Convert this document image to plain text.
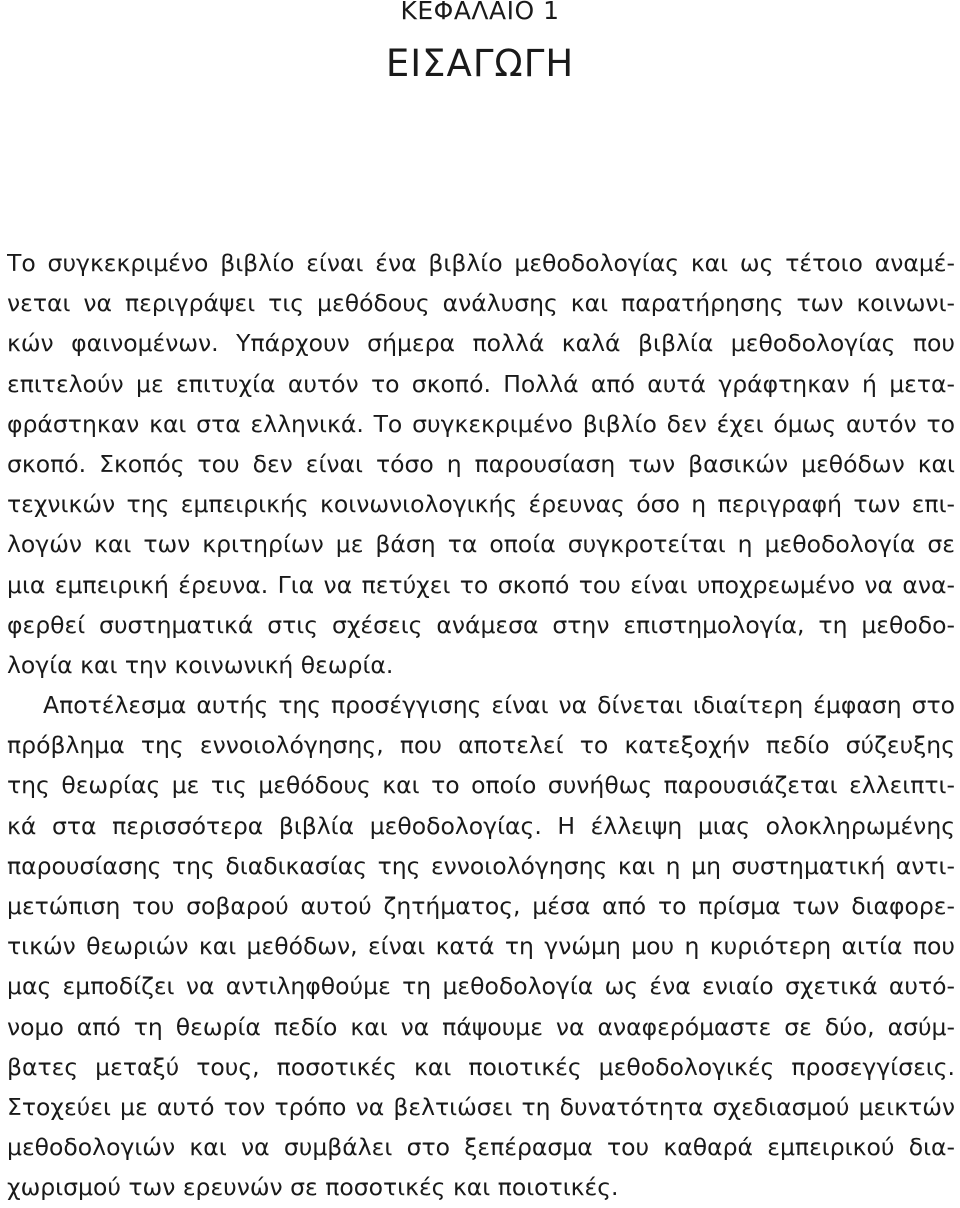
ΚΕΦΑΛΑΙΟ 1
ΕΙΣΑΓΩΓΗ
Το συγκεκριμένο βιβλίο είναι ένα βιβλίο μεθοδολογίας και ως τέτοιο αναμέ-
νεται να περιγράψει τις μεθόδους ανάλυσης και παρατήρησης των κοινωνι-
κών φαινομένων. Υπάρχουν σήμερα πολλά καλά βιβλία μεθοδολογίας που
επιτελούν με επιτυχία αυτόν το σκοπό. Πολλά από αυτά γράφτηκαν ή μετα-
φράστηκαν και στα ελληνικά. Το συγκεκριμένο βιβλίο δεν έχει όμως αυτόν το
σκοπό. Σκοπός του δεν είναι τόσο η παρουσίαση των βασικών μεθόδων και
τεχνικών της εμπειρικής κοινωνιολογικής έρευνας όσο η περιγραφή των επι-
λογών και των κριτηρίων με βάση τα οποία συγκροτείται η μεθοδολογία σε
μια εμπειρική έρευνα. Για να πετύχει το σκοπό του είναι υποχρεωμένο να ανα-
φερθεί συστηματικά στις σχέσεις ανάμεσα στην επιστημολογία, τη μεθοδο-
λογία και την κοινωνική θεωρία.
Αποτέλεσμα αυτής της προσέγγισης είναι να δίνεται ιδιαίτερη έμφαση στο
πρόβλημα της εννοιολόγησης, που αποτελεί το κατεξοχήν πεδίο σύζευξης
της θεωρίας με τις μεθόδους και το οποίο συνήθως παρουσιάζεται ελλειπτι-
κά στα περισσότερα βιβλία μεθοδολογίας. Η έλλειψη μιας ολοκληρωμένης
παρουσίασης της διαδικασίας της εννοιολόγησης και η μη συστηματική αντι-
μετώπιση του σοβαρού αυτού ζητήματος, μέσα από το πρίσμα των διαφορε-
τικών θεωριών και μεθόδων, είναι κατά τη γνώμη μου η κυριότερη αιτία που
μας εμποδίζει να αντιληφθούμε τη μεθοδολογία ως ένα ενιαίο σχετικά αυτό-
νομο από τη θεωρία πεδίο και να πάψουμε να αναφερόμαστε σε δύο, ασύμ-
βατες μεταξύ τους, ποσοτικές και ποιοτικές μεθοδολογικές προσεγγίσεις.
Στοχεύει με αυτό τον τρόπο να βελτιώσει τη δυνατότητα σχεδιασμού μεικτών
μεθοδολογιών και να συμβάλει στο ξεπέρασμα του καθαρά εμπειρικού δια-
χωρισμού των ερευνών σε ποσοτικές και ποιοτικές.
